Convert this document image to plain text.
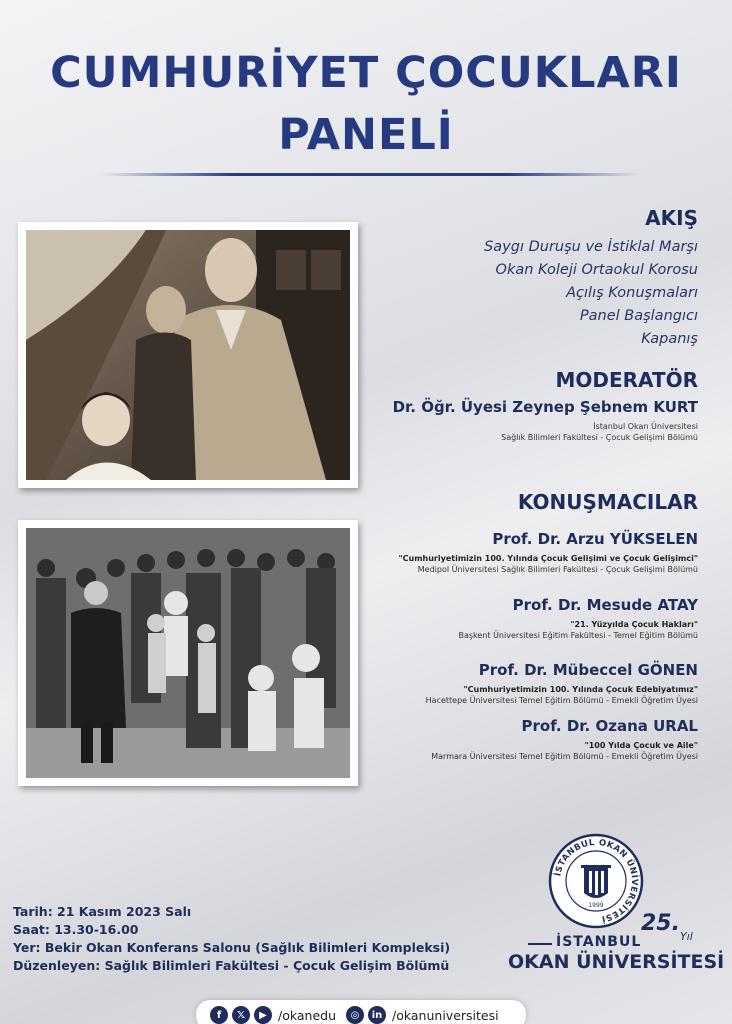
CUMHURİYET ÇOCUKLARI
PANELİ
AKIŞ
Saygı Duruşu ve İstiklal Marşı
Okan Koleji Ortaokul Korosu
Açılış Konuşmaları
Panel Başlangıcı
Kapanış
MODERATÖR
Dr. Öğr. Üyesi Zeynep Şebnem KURT
İstanbul Okan Üniversitesi
Sağlık Bilimleri Fakültesi - Çocuk Gelişimi Bölümü
KONUŞMACILAR
Prof. Dr. Arzu YÜKSELEN
"Cumhuriyetimizin 100. Yılında Çocuk Gelişimi ve Çocuk Gelişimci"
Medipol Üniversitesi Sağlık Bilimleri Fakültesi - Çocuk Gelişimi Bölümü
Prof. Dr. Mesude ATAY
"21. Yüzyılda Çocuk Hakları"
Başkent Üniversitesi Eğitim Fakültesi - Temel Eğitim Bölümü
Prof. Dr. Mübeccel GÖNEN
"Cumhuriyetimizin 100. Yılında Çocuk Edebiyatımız"
Hacettepe Üniversitesi Temel Eğitim Bölümü - Emekli Öğretim Üyesi
Prof. Dr. Ozana URAL
"100 Yılda Çocuk ve Aile"
Marmara Üniversitesi Temel Eğitim Bölümü - Emekli Öğretim Üyesi
Tarih: 21 Kasım 2023 Salı
Saat: 13.30-16.00
Yer: Bekir Okan Konferans Salonu (Sağlık Bilimleri Kompleksi)
Düzenleyen: Sağlık Bilimleri Fakültesi - Çocuk Gelişim Bölümü
İSTANBUL OKAN ÜNİVERSİTESİ
1999
25.
Yıl
İSTANBUL
OKAN ÜNİVERSİTESİ
f	𝕏	▶ /okanedu	◎	in /okanuniversitesi
